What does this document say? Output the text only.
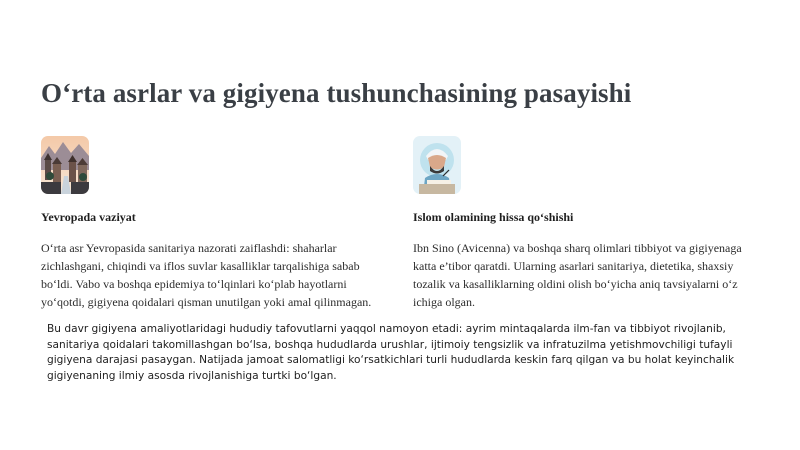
O‘rta asrlar va gigiyena tushunchasining pasayishi
Yevropada vaziyat

O‘rta asr Yevropasida sanitariya nazorati zaiflashdi: shaharlar zichlashgani, chiqindi va iflos suvlar kasalliklar tarqalishiga sabab bo‘ldi. Vabo va boshqa epidemiya to‘lqinlari ko‘plab hayotlarni yo‘qotdi, gigiyena qoidalari qisman unutilgan yoki amal qilinmagan.

Islom olamining hissa qo‘shishi

Ibn Sino (Avicenna) va boshqa sharq olimlari tibbiyot va gigiyenaga katta e’tibor qaratdi. Ularning asarlari sanitariya, dietetika, shaxsiy tozalik va kasalliklarning oldini olish bo‘yicha aniq tavsiyalarni o‘z ichiga olgan.

Bu davr gigiyena amaliyotlaridagi hududiy tafovutlarni yaqqol namoyon etadi: ayrim mintaqalarda ilm-fan va tibbiyot rivojlanib, sanitariya qoidalari takomillashgan bo‘lsa, boshqa hududlarda urushlar, ijtimoiy tengsizlik va infratuzilma yetishmovchiligi tufayli gigiyena darajasi pasaygan. Natijada jamoat salomatligi ko‘rsatkichlari turli hududlarda keskin farq qilgan va bu holat keyinchalik gigiyenaning ilmiy asosda rivojlanishiga turtki bo‘lgan.
